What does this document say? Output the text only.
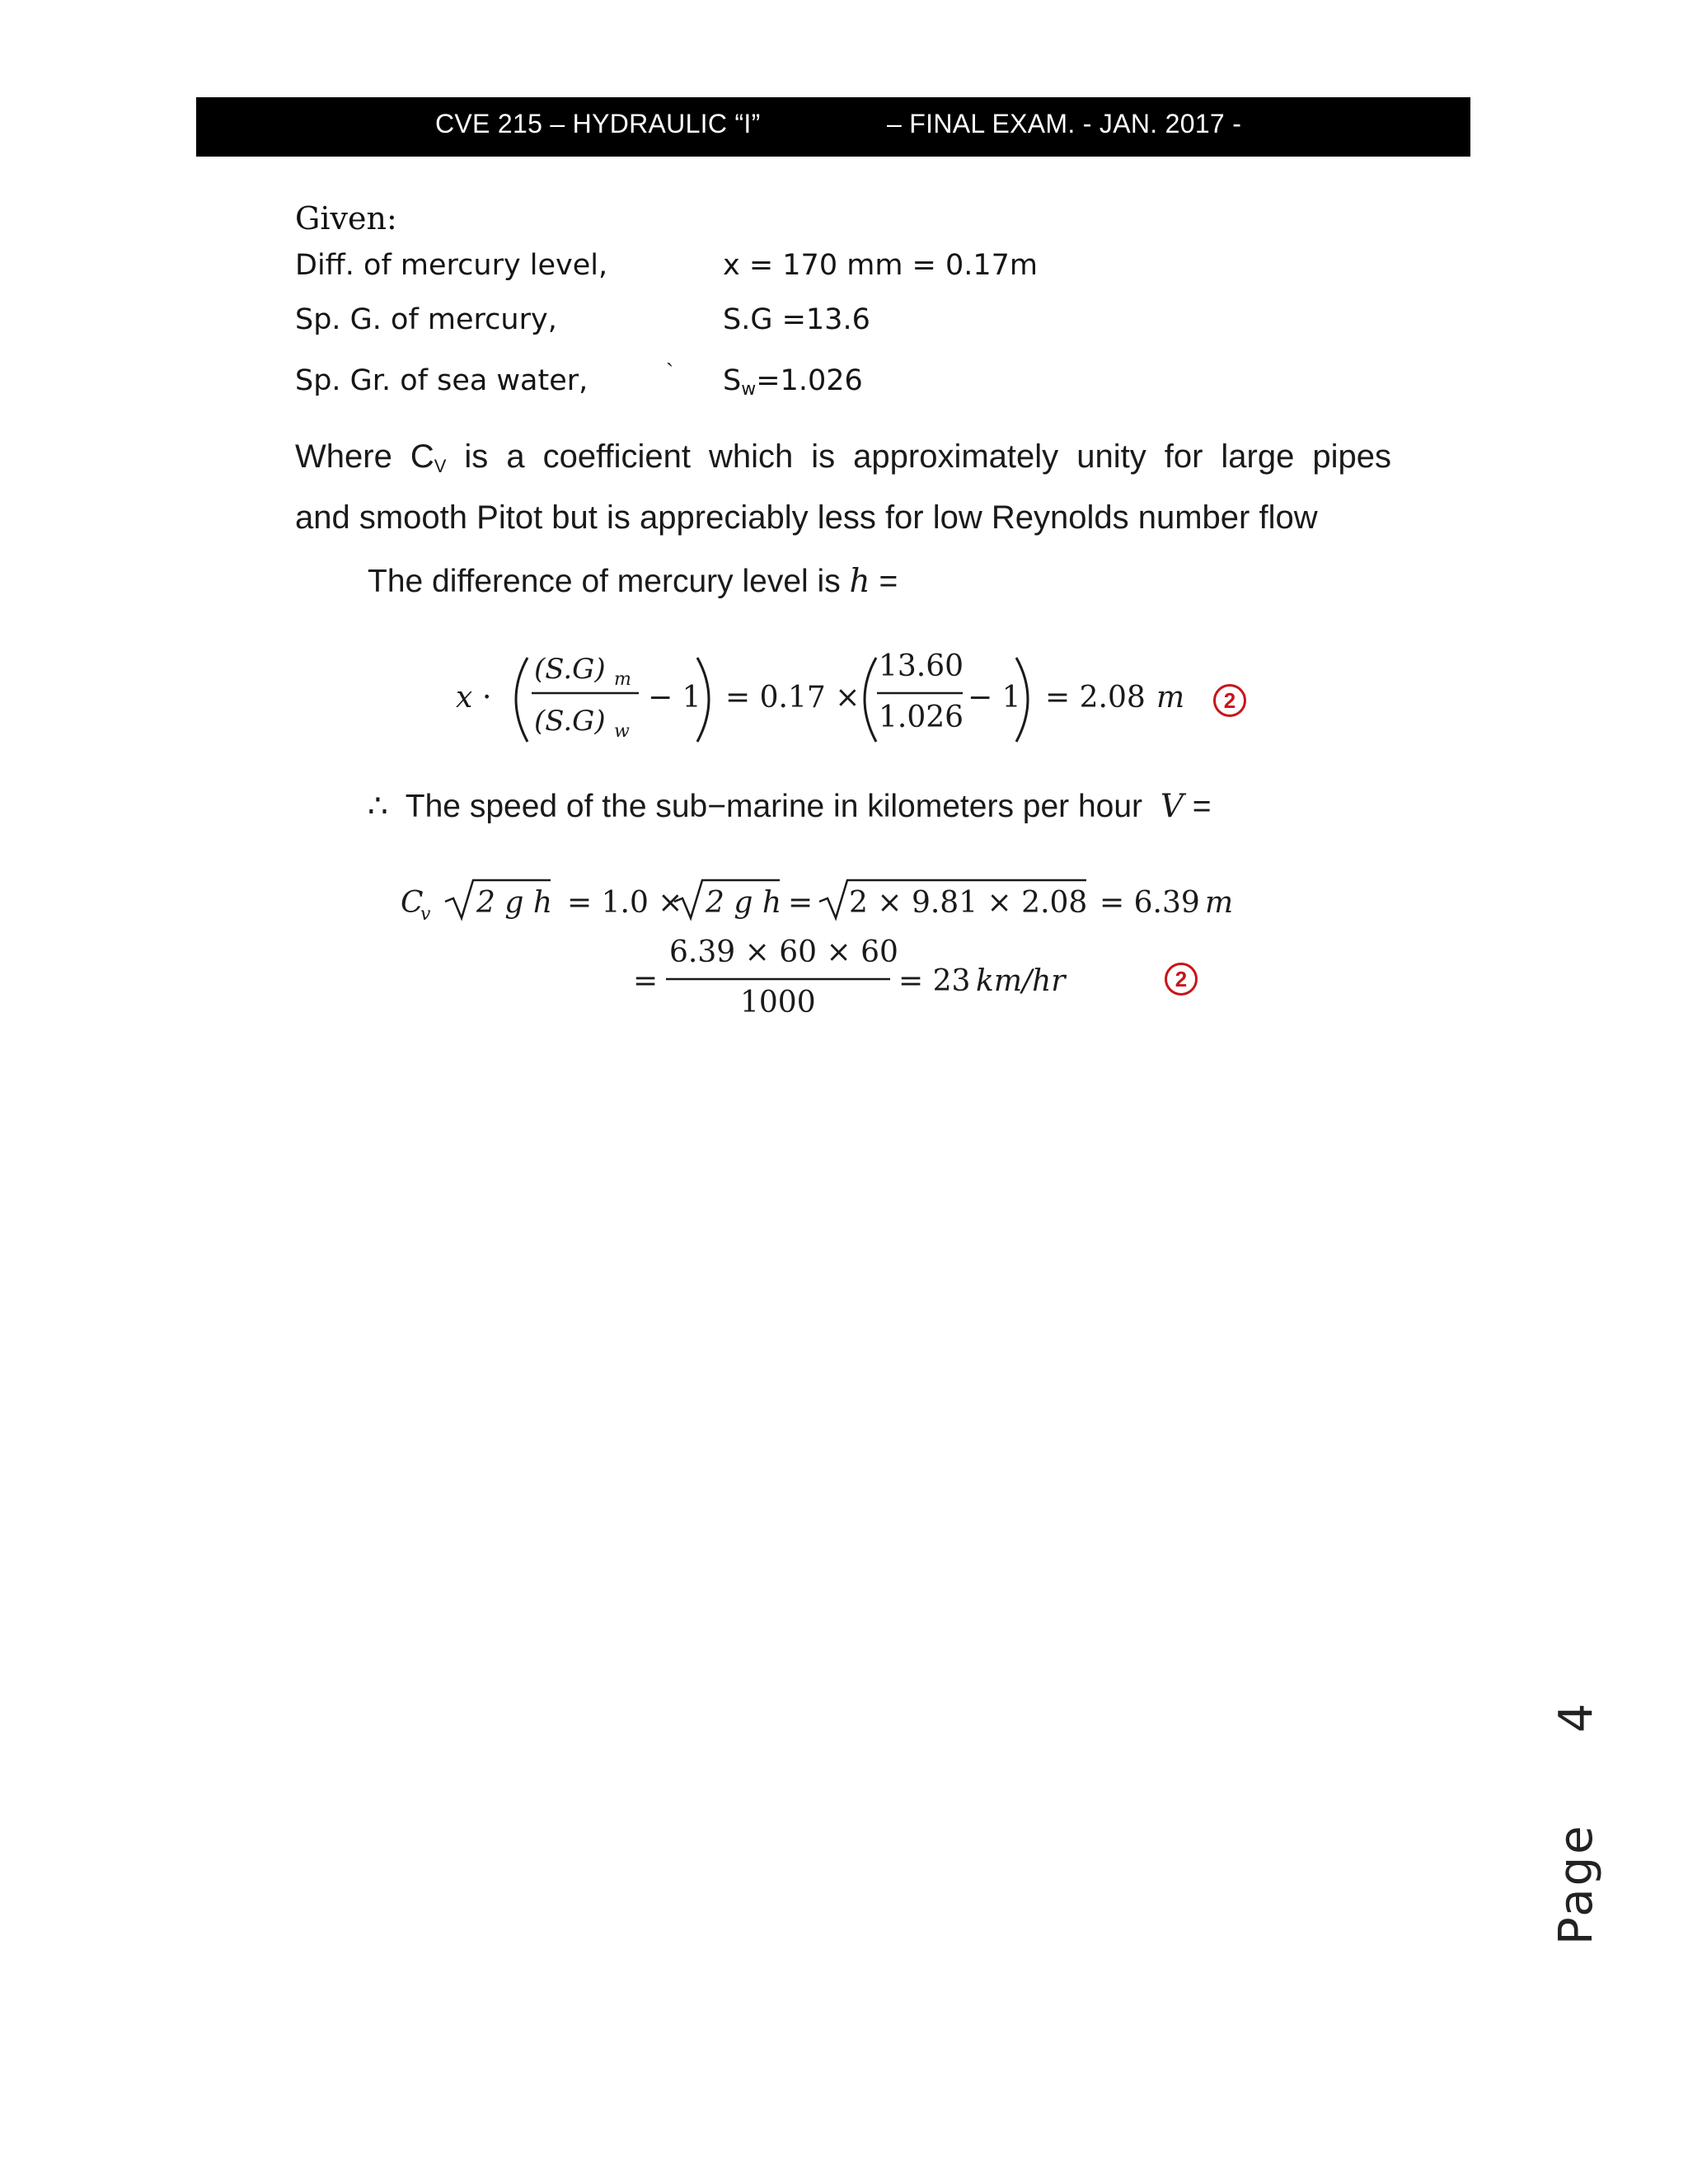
CVE 215 – HYDRAULIC “I”	– FINAL EXAM. - JAN. 2017 -
Given:
Diff. of mercury level,	x = 170 mm = 0.17m
Sp. G. of mercury,	S.G =13.6
Sp. Gr. of sea water,	` $S_w=1.026$
Where $C_V$ is a coefficient which is approximately unity for large pipes
and smooth Pitot but is appreciably less for low Reynolds number flow
The difference of mercury level is h =
x ·
(S.G) m
(S.G) w
− 1 = 0.17 ×
13.60
1.026
− 1 = 2.08 m
C
v 2 g h = 1.0 × 2 g h = 2 × 9.81 × 2.08 = 6.39 m
=
6.39 × 60 × 60
1000
= 23 km/hr
∴ The speed of the sub−marine in kilometers per hour V =
2
2
Page4
